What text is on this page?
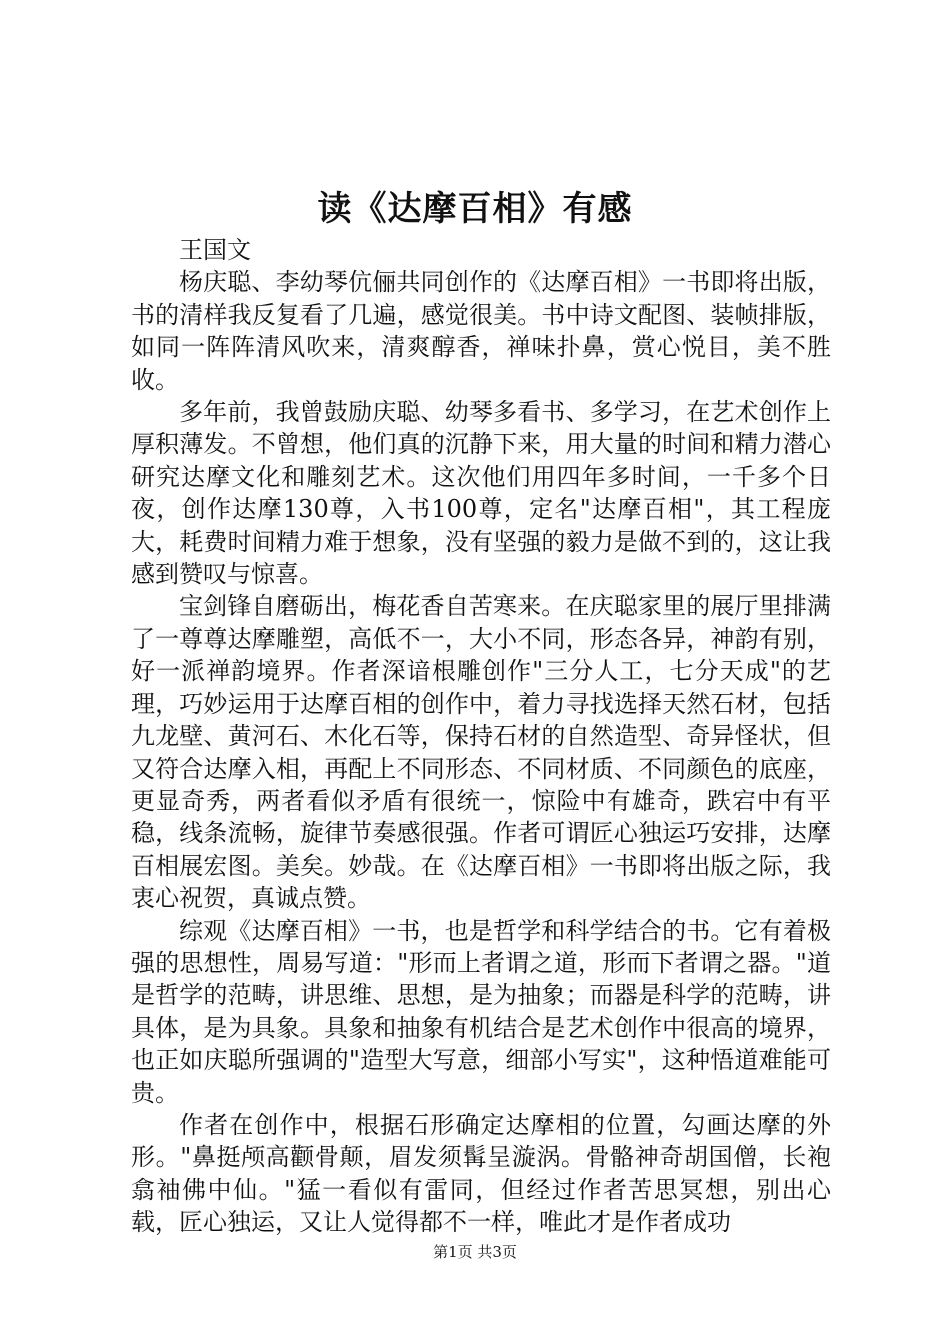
读《达摩百相》有感

王国文

杨庆聪、李幼琴伉俪共同创作的《达摩百相》一书即将出版，书的清样我反复看了几遍，感觉很美。书中诗文配图、装帧排版，如同一阵阵清风吹来，清爽醇香，禅味扑鼻，赏心悦目，美不胜收。

多年前，我曾鼓励庆聪、幼琴多看书、多学习，在艺术创作上厚积薄发。不曾想，他们真的沉静下来，用大量的时间和精力潜心研究达摩文化和雕刻艺术。这次他们用四年多时间，一千多个日夜，创作达摩130尊，入书100尊，定名"达摩百相"，其工程庞大，耗费时间精力难于想象，没有坚强的毅力是做不到的，这让我感到赞叹与惊喜。

宝剑锋自磨砺出，梅花香自苦寒来。在庆聪家里的展厅里排满了一尊尊达摩雕塑，高低不一，大小不同，形态各异，神韵有别，好一派禅韵境界。作者深谙根雕创作"三分人工，七分天成"的艺理，巧妙运用于达摩百相的创作中，着力寻找选择天然石材，包括九龙壁、黄河石、木化石等，保持石材的自然造型、奇异怪状，但又符合达摩入相，再配上不同形态、不同材质、不同颜色的底座，更显奇秀，两者看似矛盾有很统一，惊险中有雄奇，跌宕中有平稳，线条流畅，旋律节奏感很强。作者可谓匠心独运巧安排，达摩百相展宏图。美矣。妙哉。在《达摩百相》一书即将出版之际，我衷心祝贺，真诚点赞。

综观《达摩百相》一书，也是哲学和科学结合的书。它有着极强的思想性，周易写道："形而上者谓之道，形而下者谓之器。"道是哲学的范畴，讲思维、思想，是为抽象；而器是科学的范畴，讲具体，是为具象。具象和抽象有机结合是艺术创作中很高的境界，也正如庆聪所强调的"造型大写意，细部小写实"，这种悟道难能可贵。

作者在创作中，根据石形确定达摩相的位置，勾画达摩的外形。"鼻挺颅高颧骨颠，眉发须髯呈漩涡。骨骼神奇胡国僧，长袍翕袖佛中仙。"猛一看似有雷同，但经过作者苦思冥想，别出心载，匠心独运，又让人觉得都不一样，唯此才是作者成功

第1页 共3页
